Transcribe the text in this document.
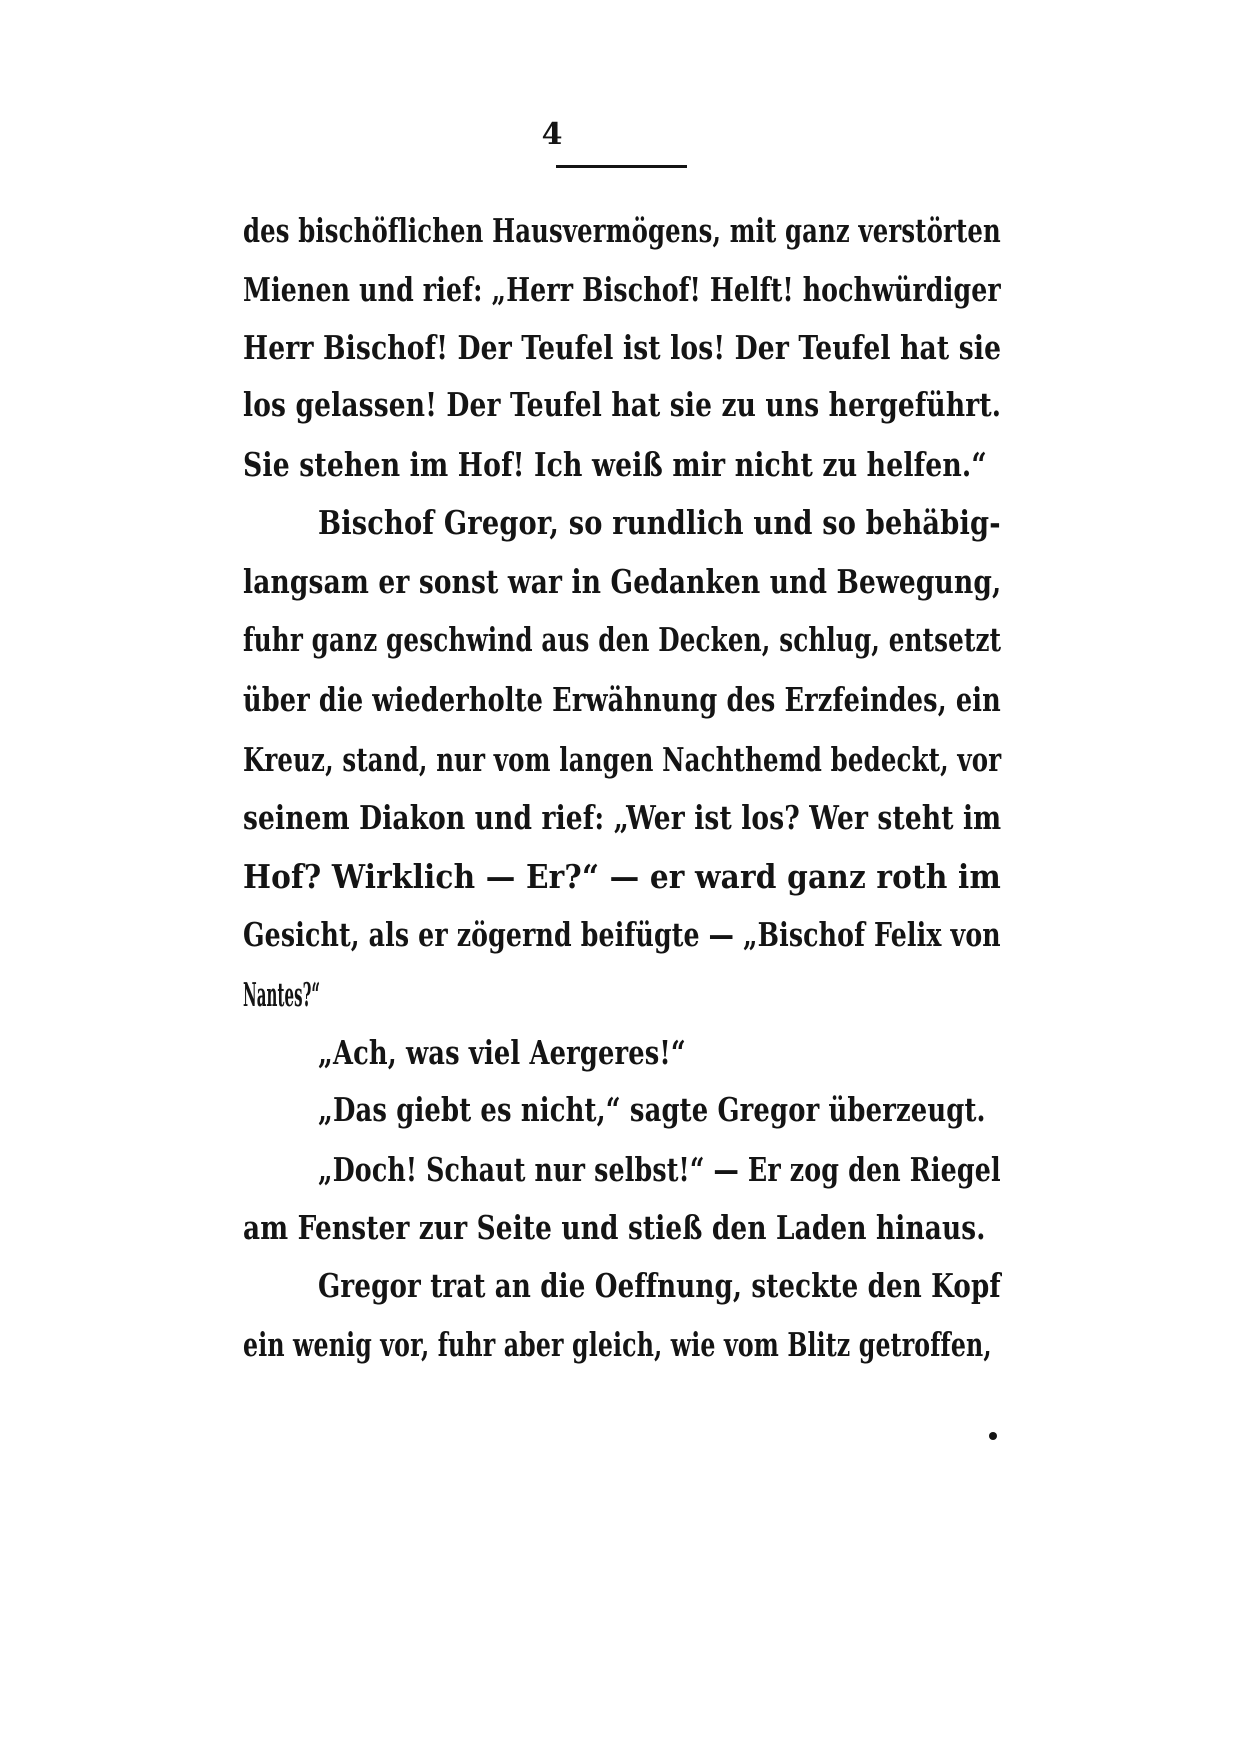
4
des bischöflichen Hausvermögens, mit ganz verstörten
Mienen und rief: „Herr Bischof! Helft! hochwürdiger
Herr Bischof! Der Teufel ist los! Der Teufel hat sie
los gelassen! Der Teufel hat sie zu uns hergeführt.
Sie stehen im Hof! Ich weiß mir nicht zu helfen.“
Bischof Gregor, so rundlich und so behäbig-
langsam er sonst war in Gedanken und Bewegung,
fuhr ganz geschwind aus den Decken, schlug, entsetzt
über die wiederholte Erwähnung des Erzfeindes, ein
Kreuz, stand, nur vom langen Nachthemd bedeckt, vor
seinem Diakon und rief: „Wer ist los? Wer steht im
Hof? Wirklich — Er?“ — er ward ganz roth im
Gesicht, als er zögernd beifügte — „Bischof Felix von
Nantes?“
„Ach, was viel Aergeres!“
„Das giebt es nicht,“ sagte Gregor überzeugt.
„Doch! Schaut nur selbst!“ — Er zog den Riegel
am Fenster zur Seite und stieß den Laden hinaus.
Gregor trat an die Oeffnung, steckte den Kopf
ein wenig vor, fuhr aber gleich, wie vom Blitz getroffen,
